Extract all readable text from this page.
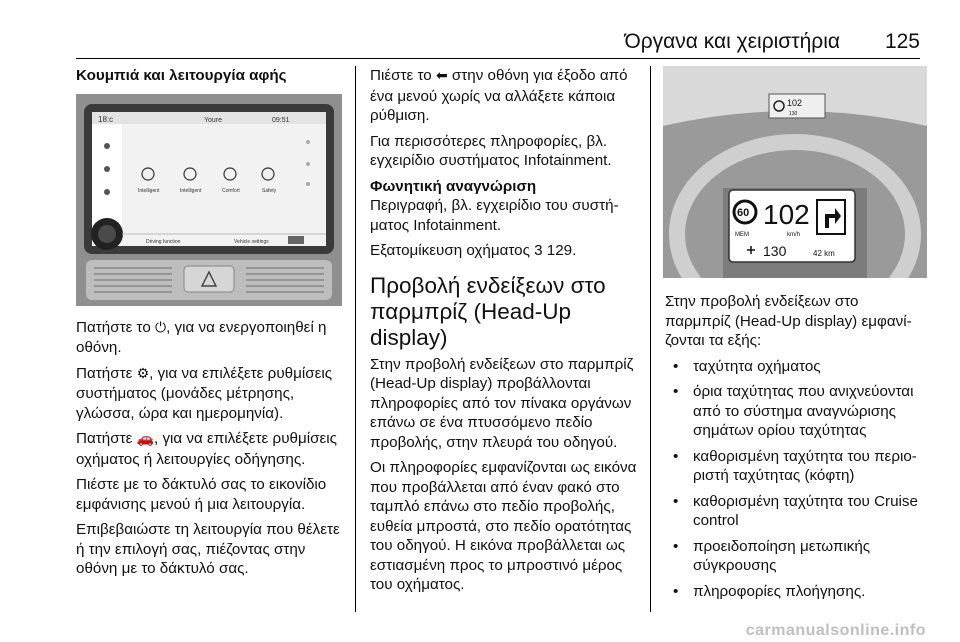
Όργανα και χειριστήρια 125
Κουμπιά και λειτουργία αφής
18:c	Youre	09:51
Intelligent	Intelligent	Comfort	Safety
Driving function	Vehicle settings

Πατήστε το ⏻, για να ενεργοποιηθεί η οθόνη.

Πατήστε ⚙, για να επιλέξετε ρυθμίσεις συστήματος (μονάδες μέτρησης, γλώσσα, ώρα και ημερομηνία).

Πατήστε 🚗, για να επιλέξετε ρυθμίσεις οχήματος ή λειτουργίες οδήγησης.

Πιέστε με το δάκτυλό σας το εικονίδιο εμφάνισης μενού ή μια λειτουργία.

Επιβεβαιώστε τη λειτουργία που θέλετε ή την επιλογή σας, πιέζοντας στην οθόνη με το δάκτυλό σας.

Πιέστε το ⬅ στην οθόνη για έξοδο από ένα μενού χωρίς να αλλάξετε κάποια ρύθμιση.

Για περισσότερες πληροφορίες, βλ. εγχειρίδιο συστήματος Infotainment.

Φωνητική αναγνώριση

Περιγραφή, βλ. εγχειρίδιο του συστήματος Infotainment.

Εξατομίκευση οχήματος 3 129.

Προβολή ενδείξεων στο παρμπρίζ (Head-Up display)

Στην προβολή ενδείξεων στο παρμπρίζ (Head-Up display) προβάλλονται πληροφορίες από τον πίνακα οργάνων επάνω σε ένα πτυσσόμενο πεδίο προβολής, στην πλευρά του οδηγού.

Οι πληροφορίες εμφανίζονται ως εικόνα που προβάλλεται από έναν φακό στο ταμπλό επάνω στο πεδίο προβολής, ευθεία μπροστά, στο πεδίο ορατότητας του οδηγού. Η εικόνα προβάλλεται ως εστιασμένη προς το μπροστινό μέρος του οχήματος.

102
130
60 102
km/h
MEM
130	42 km

Στην προβολή ενδείξεων στο παρμπρίζ (Head-Up display) εμφανίζονται τα εξής:

• ταχύτητα οχήματος
• όρια ταχύτητας που ανιχνεύονται από το σύστημα αναγνώρισης σημάτων ορίου ταχύτητας
• καθορισμένη ταχύτητα του περιοριστή ταχύτητας (κόφτη)
• καθορισμένη ταχύτητα του Cruise control
• προειδοποίηση μετωπικής σύγκρουσης
• πληροφορίες πλοήγησης.
carmanualsonline.info
